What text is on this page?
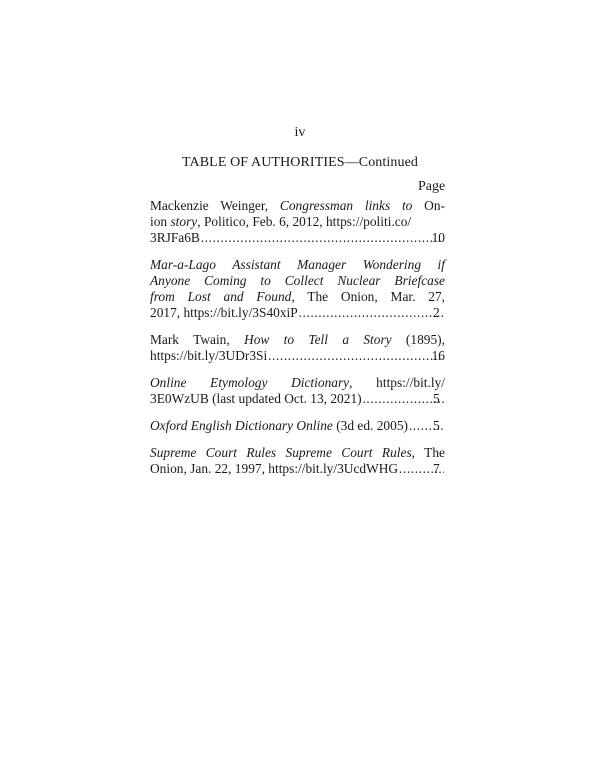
iv
TABLE OF AUTHORITIES—Continued
Page
Mackenzie Weinger, Congressman links to On-
ion story, Politico, Feb. 6, 2012, https://politi.co/
3RJFa6B .....	10
Mar-a-Lago Assistant Manager Wondering if
Anyone Coming to Collect Nuclear Briefcase
from Lost and Found, The Onion, Mar. 27,
2017, https://bit.ly/3S40xiP .....	2
Mark Twain, How to Tell a Story (1895),
https://bit.ly/3UDr3Si .....	16
Online Etymology Dictionary, https://bit.ly/
3E0WzUB (last updated Oct. 13, 2021) .....	5
Oxford English Dictionary Online (3d ed. 2005) ..... 5
Supreme Court Rules Supreme Court Rules, The
Onion, Jan. 22, 1997, https://bit.ly/3UcdWHG .....	7
